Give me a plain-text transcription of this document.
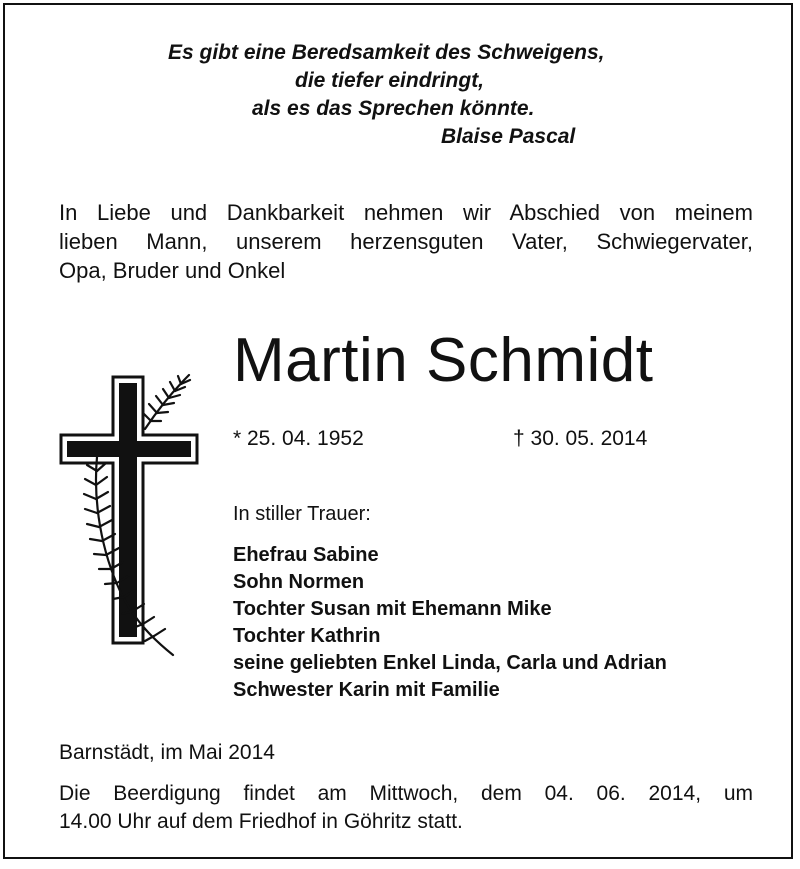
Es gibt eine Beredsamkeit des Schweigens,
die tiefer eindringt,
als es das Sprechen könnte.
Blaise Pascal
In Liebe und Dankbarkeit nehmen wir Abschied von meinem
lieben Mann, unserem herzensguten Vater, Schwiegervater,
Opa, Bruder und Onkel
Martin Schmidt
* 25. 04. 1952	† 30. 05. 2014
In stiller Trauer:
Ehefrau Sabine
Sohn Normen
Tochter Susan mit Ehemann Mike
Tochter Kathrin
seine geliebten Enkel Linda, Carla und Adrian
Schwester Karin mit Familie
Barnstädt, im Mai 2014
Die Beerdigung findet am Mittwoch, dem 04. 06. 2014, um
14.00 Uhr auf dem Friedhof in Göhritz statt.
